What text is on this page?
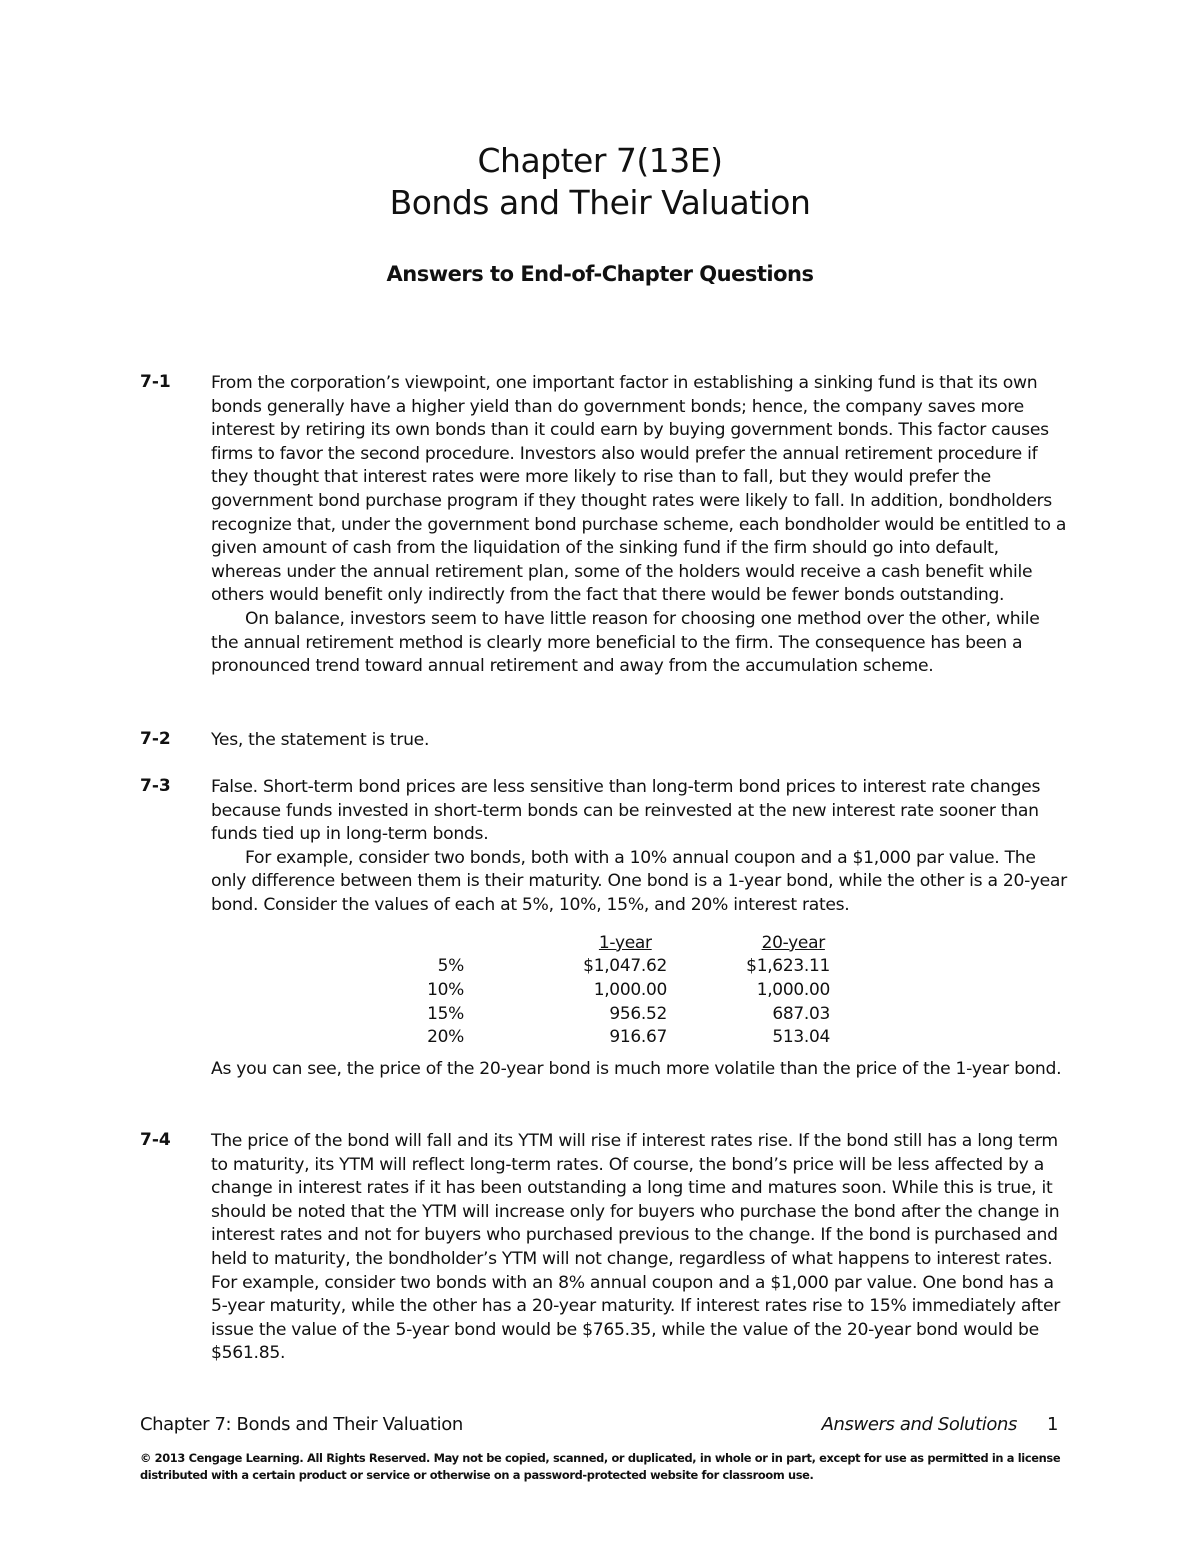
Chapter 7(13E)
Bonds and Their Valuation
Answers to End-of-Chapter Questions
7-1 From the corporation’s viewpoint, one important factor in establishing a sinking fund is that its own bonds generally have a higher yield than do government bonds; hence, the company saves more interest by retiring its own bonds than it could earn by buying government bonds. This factor causes firms to favor the second procedure. Investors also would prefer the annual retirement procedure if they thought that interest rates were more likely to rise than to fall, but they would prefer the government bond purchase program if they thought rates were likely to fall. In addition, bondholders recognize that, under the government bond purchase scheme, each bondholder would be entitled to a given amount of cash from the liquidation of the sinking fund if the firm should go into default, whereas under the annual retirement plan, some of the holders would receive a cash benefit while others would benefit only indirectly from the fact that there would be fewer bonds outstanding.

On balance, investors seem to have little reason for choosing one method over the other, while the annual retirement method is clearly more beneficial to the firm. The consequence has been a pronounced trend toward annual retirement and away from the accumulation scheme.

7-2 Yes, the statement is true.

7-3 False. Short-term bond prices are less sensitive than long-term bond prices to interest rate changes because funds invested in short-term bonds can be reinvested at the new interest rate sooner than funds tied up in long-term bonds.

For example, consider two bonds, both with a 10% annual coupon and a $1,000 par value. The only difference between them is their maturity. One bond is a 1-year bond, while the other is a 20-year bond. Consider the values of each at 5%, 10%, 15%, and 20% interest rates.

	1-year	20-year
5%	$1,047.62	$1,623.11
10%	1,000.00	1,000.00
15%	956.52	687.03
20%	916.67	513.04

As you can see, the price of the 20-year bond is much more volatile than the price of the 1-year bond.

7-4 The price of the bond will fall and its YTM will rise if interest rates rise. If the bond still has a long term to maturity, its YTM will reflect long-term rates. Of course, the bond’s price will be less affected by a change in interest rates if it has been outstanding a long time and matures soon. While this is true, it should be noted that the YTM will increase only for buyers who purchase the bond after the change in interest rates and not for buyers who purchased previous to the change. If the bond is purchased and held to maturity, the bondholder’s YTM will not change, regardless of what happens to interest rates. For example, consider two bonds with an 8% annual coupon and a $1,000 par value. One bond has a 5-year maturity, while the other has a 20-year maturity. If interest rates rise to 15% immediately after issue the value of the 5-year bond would be $765.35, while the value of the 20-year bond would be $561.85.

Chapter 7: Bonds and Their Valuation	Answers and Solutions 1
© 2013 Cengage Learning. All Rights Reserved. May not be copied, scanned, or duplicated, in whole or in part, except for use as permitted in a license distributed with a certain product or service or otherwise on a password-protected website for classroom use.
